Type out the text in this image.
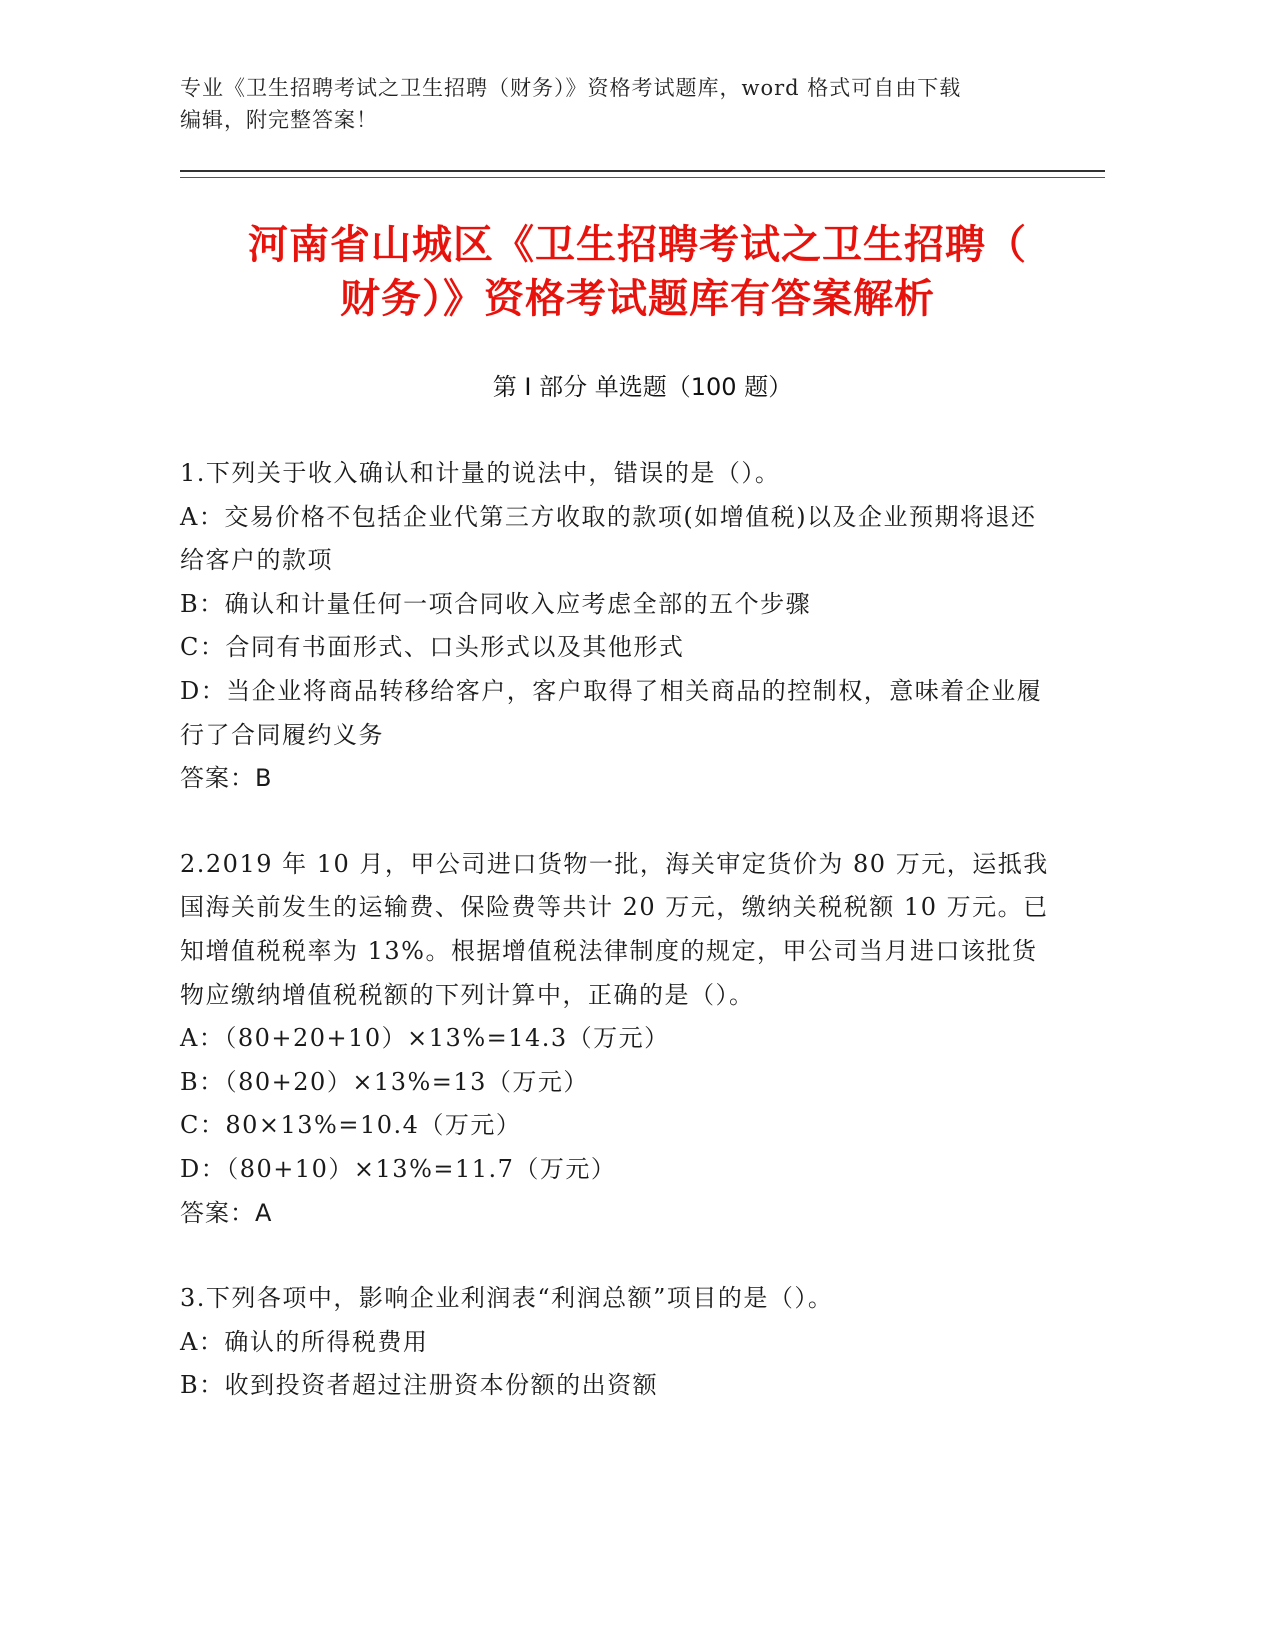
专业《卫生招聘考试之卫生招聘（财务）》资格考试题库，word 格式可自由下载
编辑，附完整答案！
河南省山城区《卫生招聘考试之卫生招聘（
财务）》资格考试题库有答案解析
第 I 部分 单选题（100 题）

1.下列关于收入确认和计量的说法中，错误的是（）。

A：交易价格不包括企业代第三方收取的款项(如增值税)以及企业预期将退还给客户的款项

B：确认和计量任何一项合同收入应考虑全部的五个步骤

C：合同有书面形式、口头形式以及其他形式

D：当企业将商品转移给客户，客户取得了相关商品的控制权，意味着企业履行了合同履约义务

答案：B

2.2019 年 10 月，甲公司进口货物一批，海关审定货价为 80 万元，运抵我国海关前发生的运输费、保险费等共计 20 万元，缴纳关税税额 10 万元。已知增值税税率为 13%。根据增值税法律制度的规定，甲公司当月进口该批货物应缴纳增值税税额的下列计算中，正确的是（）。

A：（80+20+10）×13%=14.3（万元）

B：（80+20）×13%=13（万元）

C：80×13%=10.4（万元）

D：（80+10）×13%=11.7（万元）

答案：A

3.下列各项中，影响企业利润表“利润总额”项目的是（）。

A：确认的所得税费用

B：收到投资者超过注册资本份额的出资额
